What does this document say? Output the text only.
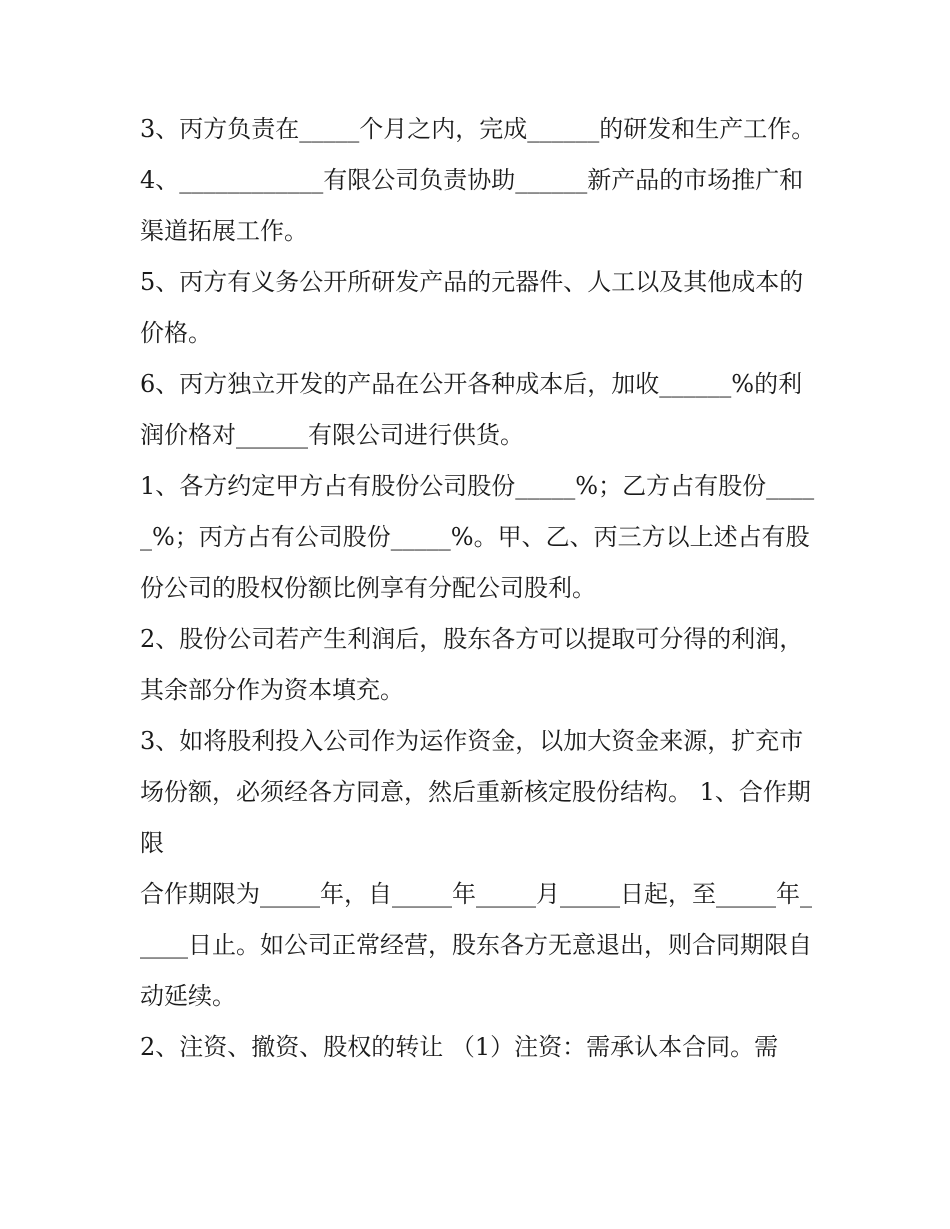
3、丙方负责在_____个月之内，完成______的研发和生产工作。

4、____________有限公司负责协助______新产品的市场推广和渠道拓展工作。

5、丙方有义务公开所研发产品的元器件、人工以及其他成本的价格。

6、丙方独立开发的产品在公开各种成本后，加收______%的利润价格对______有限公司进行供货。

1、各方约定甲方占有股份公司股份_____%；乙方占有股份_____%；丙方占有公司股份_____%。甲、乙、丙三方以上述占有股份公司的股权份额比例享有分配公司股利。

2、股份公司若产生利润后，股东各方可以提取可分得的利润，其余部分作为资本填充。

3、如将股利投入公司作为运作资金，以加大资金来源，扩充市场份额，必须经各方同意，然后重新核定股份结构。 1、合作期限

合作期限为_____年，自_____年_____月_____日起，至_____年_____日止。如公司正常经营，股东各方无意退出，则合同期限自动延续。

2、注资、撤资、股权的转让 （1）注资：需承认本合同。需
